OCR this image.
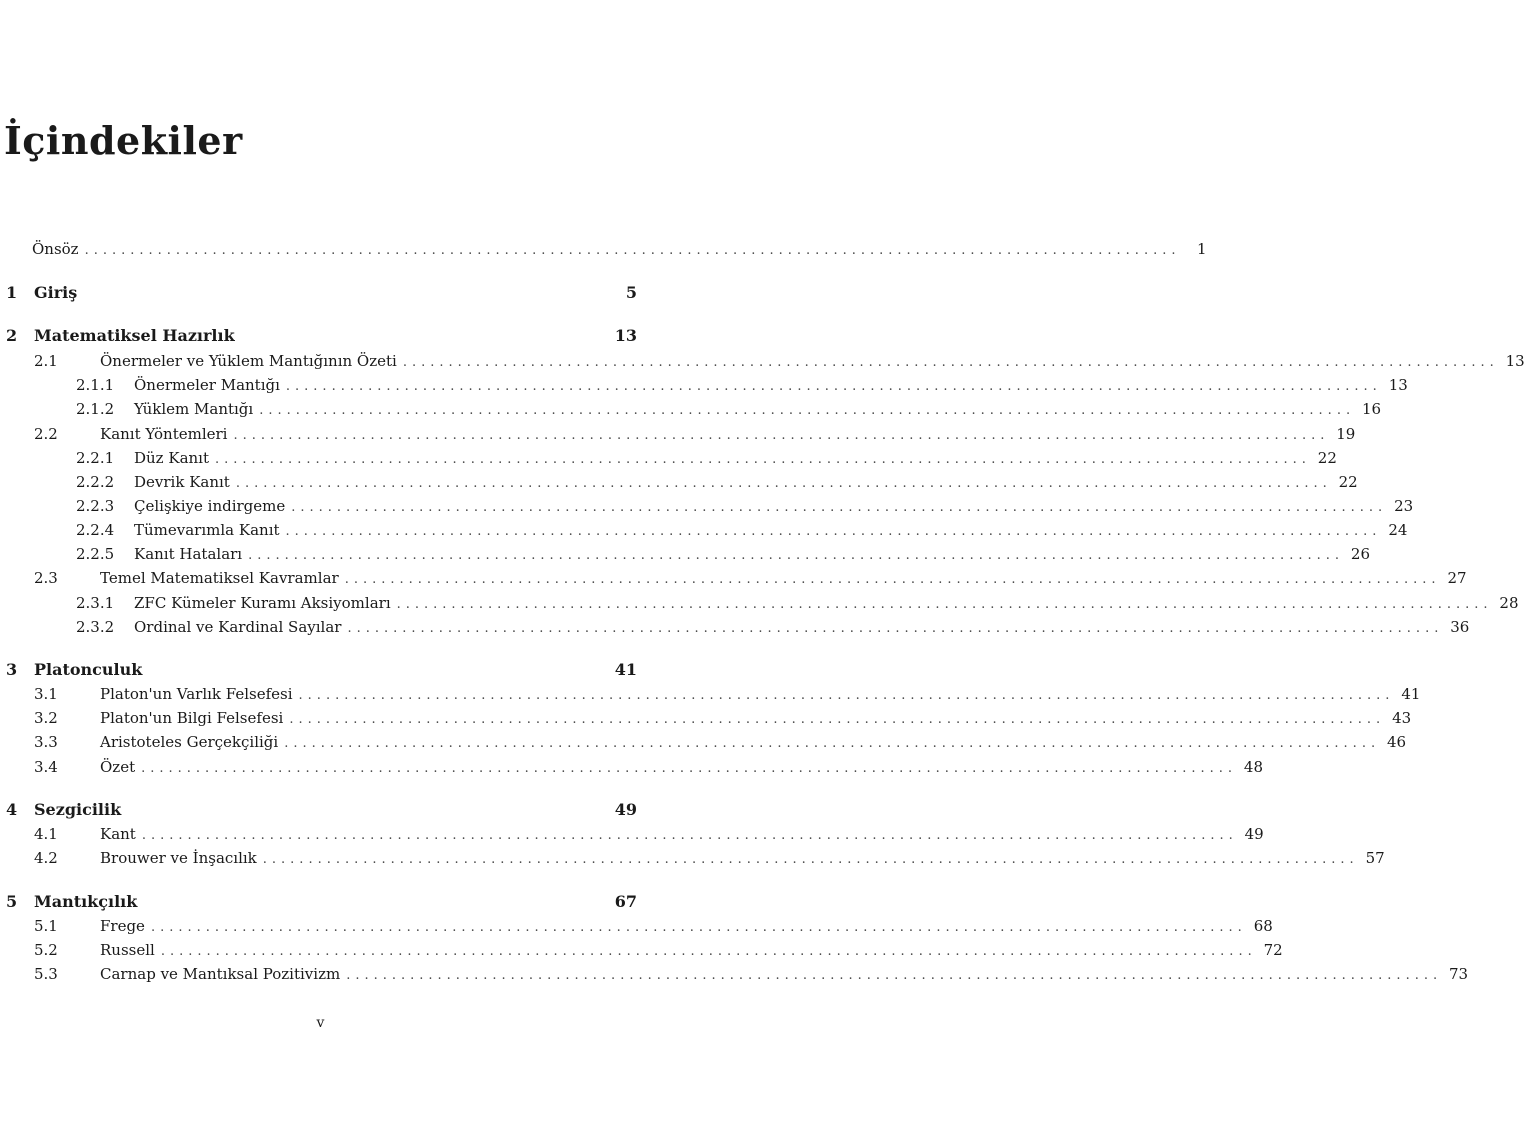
İçindekiler
Önsöz ........................................................................................................................	1
1	Giriş	5
2	Matematiksel Hazırlık	13
2.1	Önermeler ve Yüklem Mantığının Özeti ........................................................................................................................ 13
2.1.1	Önermeler Mantığı ........................................................................................................................ 13
2.1.2	Yüklem Mantığı ........................................................................................................................ 16
2.2	Kanıt Yöntemleri ........................................................................................................................ 19
2.2.1	Düz Kanıt ........................................................................................................................ 22
2.2.2	Devrik Kanıt ........................................................................................................................ 22
2.2.3	Çelişkiye indirgeme ........................................................................................................................ 23
2.2.4	Tümevarımla Kanıt ........................................................................................................................ 24
2.2.5	Kanıt Hataları ........................................................................................................................ 26
2.3	Temel Matematiksel Kavramlar ........................................................................................................................ 27
2.3.1	ZFC Kümeler Kuramı Aksiyomları ........................................................................................................................ 28
2.3.2	Ordinal ve Kardinal Sayılar ........................................................................................................................ 36
3	Platonculuk	41
3.1	Platon'un Varlık Felsefesi ........................................................................................................................ 41
3.2	Platon'un Bilgi Felsefesi ........................................................................................................................ 43
3.3	Aristoteles Gerçekçiliği ........................................................................................................................ 46
3.4	Özet ........................................................................................................................ 48
4	Sezgicilik	49
4.1	Kant ........................................................................................................................ 49
4.2	Brouwer ve İnşacılık ........................................................................................................................ 57
5	Mantıkçılık	67
5.1	Frege ........................................................................................................................ 68
5.2	Russell ........................................................................................................................ 72
5.3	Carnap ve Mantıksal Pozitivizm ........................................................................................................................ 73
v
